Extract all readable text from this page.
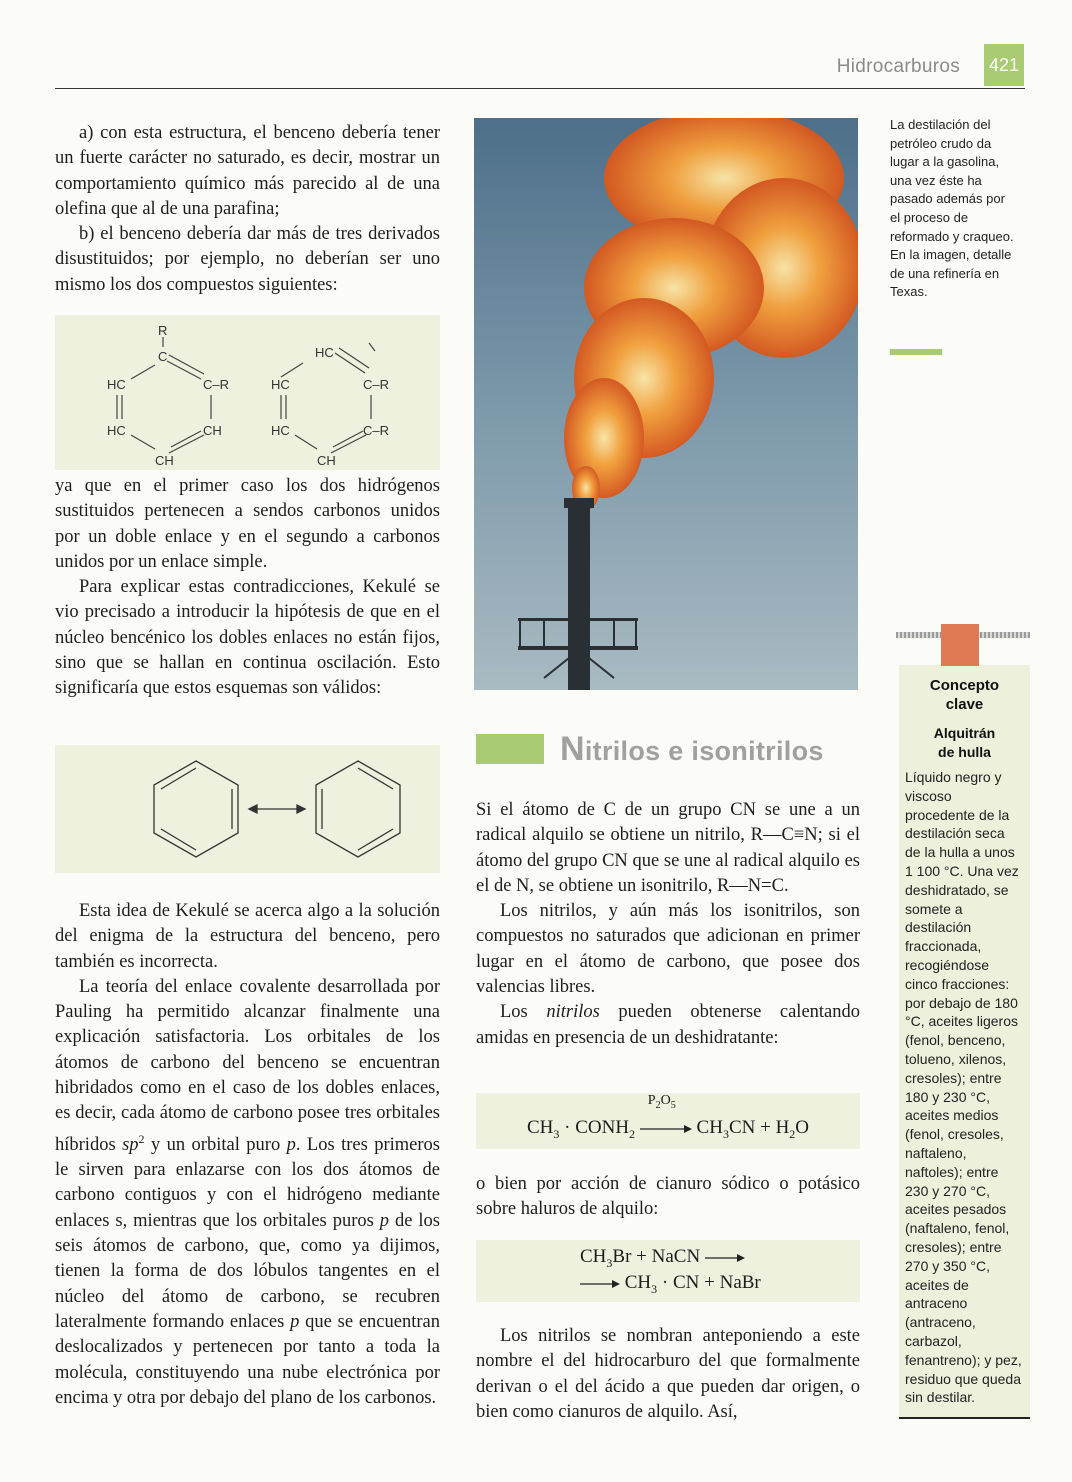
Hidrocarburos 421

a) con esta estructura, el benceno debería tener un fuerte carácter no saturado, es decir, mostrar un comportamiento químico más parecido al de una olefina que al de una parafina;

b) el benceno debería dar más de tres derivados disustituidos; por ejemplo, no deberían ser uno mismo los dos compuestos siguientes:

R
C
HC	C–R
HC	CH
CH
HC
HC	C–R
HC	C–R
CH

ya que en el primer caso los dos hidrógenos sustituidos pertenecen a sendos carbonos unidos por un doble enlace y en el segundo a carbonos unidos por un enlace simple.

Para explicar estas contradicciones, Kekulé se vio precisado a introducir la hipótesis de que en el núcleo bencénico los dobles enlaces no están fijos, sino que se hallan en continua oscilación. Esto significaría que estos esquemas son válidos:

Esta idea de Kekulé se acerca algo a la solución del enigma de la estructura del benceno, pero también es incorrecta.

La teoría del enlace covalente desarrollada por Pauling ha permitido alcanzar finalmente una explicación satisfactoria. Los orbitales de los átomos de carbono del benceno se encuentran hibridados como en el caso de los dobles enlaces, es decir, cada átomo de carbono posee tres orbitales híbridos $sp^2$ y un orbital puro p. Los tres primeros le sirven para enlazarse con los dos átomos de carbono contiguos y con el hidrógeno mediante enlaces s, mientras que los orbitales puros p de los seis átomos de carbono, que, como ya dijimos, tienen la forma de dos lóbulos tangentes en el núcleo del átomo de carbono, se recubren lateralmente formando enlaces p que se encuentran deslocalizados y pertenecen por tanto a toda la molécula, constituyendo una nube electrónica por encima y otra por debajo del plano de los carbonos.

La destilación del petróleo crudo da lugar a la gasolina, una vez éste ha pasado además por el proceso de reformado y craqueo. En la imagen, detalle de una refinería en Texas.
Nitrilos e isonitrilos

Si el átomo de C de un grupo CN se une a un radical alquilo se obtiene un nitrilo, R—C≡N; si el átomo del grupo CN que se une al radical alquilo es el de N, se obtiene un isonitrilo, R—N=C.

Los nitrilos, y aún más los isonitrilos, son compuestos no saturados que adicionan en primer lugar en el átomo de carbono, que posee dos valencias libres.

Los nitrilos pueden obtenerse calentando amidas en presencia de un deshidratante:

$CH_3$ · $CONH_2$
$P_2O_5$
$CH_3CN + H_2O$

o bien por acción de cianuro sódico o potásico sobre haluros de alquilo:

$CH_3Br$ + NaCN →
→ $CH_3$ · CN + NaBr

Los nitrilos se nombran anteponiendo a este nombre el del hidrocarburo del que formalmente derivan o el del ácido a que pueden dar origen, o bien como cianuros de alquilo. Así,

Concepto
clave
Alquitrán
de hulla
Líquido negro y viscoso procedente de la destilación seca de la hulla a unos 1 100 °C. Una vez deshidratado, se somete a destilación fraccionada, recogiéndose cinco fracciones: por debajo de 180 °C, aceites ligeros (fenol, benceno, tolueno, xilenos, cresoles); entre 180 y 230 °C, aceites medios (fenol, cresoles, naftaleno, naftoles); entre 230 y 270 °C, aceites pesados (naftaleno, fenol, cresoles); entre 270 y 350 °C, aceites de antraceno (antraceno, carbazol, fenantreno); y pez, residuo que queda sin destilar.
